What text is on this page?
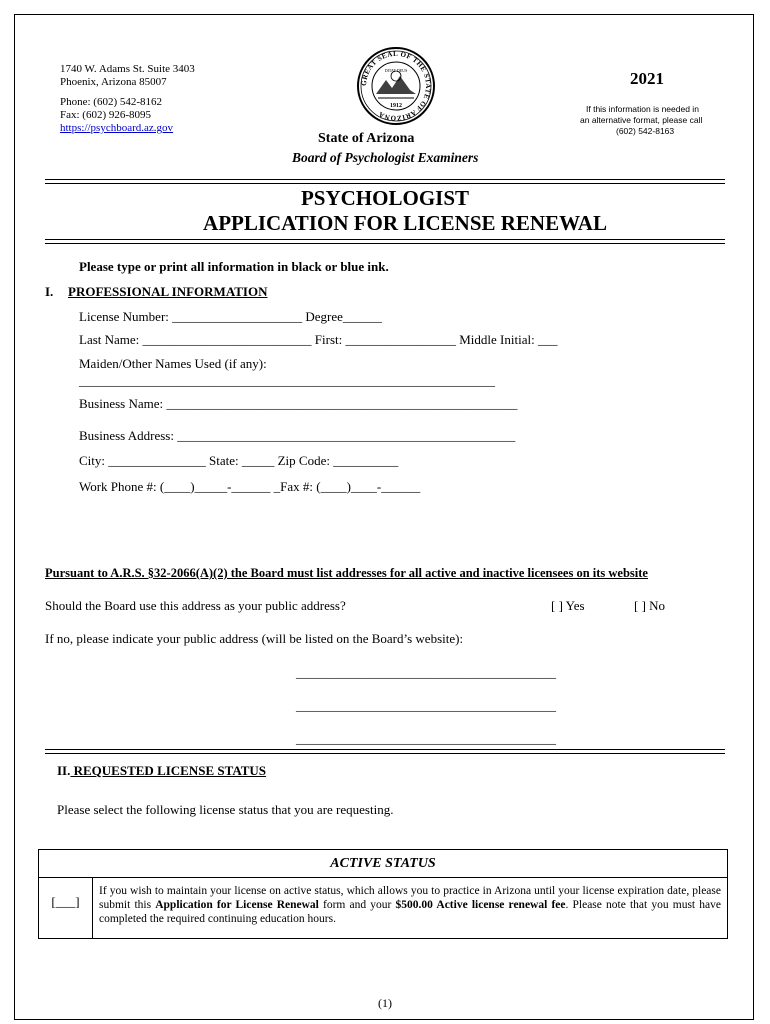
1740 W. Adams St. Suite 3403
Phoenix, Arizona 85007
Phone: (602) 542-8162
Fax: (602) 926-8095
https://psychboard.az.gov
GREAT SEAL OF THE STATE OF ARIZONA
DITAT DEUS
1912
State of Arizona
Board of Psychologist Examiners
2021
If this information is needed in
an alternative format, please call
(602) 542-8163
PSYCHOLOGIST
APPLICATION FOR LICENSE RENEWAL
Please type or print all information in black or blue ink.
I. PROFESSIONAL INFORMATION
License Number: ____________________ Degree______
Last Name: __________________________ First: _________________ Middle Initial: ___
Maiden/Other Names Used (if any):
________________________________________________________________
Business Name: ______________________________________________________
Business Address: ____________________________________________________
City: _______________ State: _____ Zip Code: __________
Work Phone #: (____)_____-______ _Fax #: (____)____-______
Pursuant to A.R.S. §32-2066(A)(2) the Board must list addresses for all active and inactive licensees on its website
Should the Board use this address as your public address?	[ ] Yes	[ ] No
If no, please indicate your public address (will be listed on the Board’s website):
________________________________________
________________________________________
________________________________________
II. REQUESTED LICENSE STATUS
Please select the following license status that you are requesting.
ACTIVE STATUS
[___]
If you wish to maintain your license on active status, which allows you to practice in Arizona until your license expiration date, please submit this Application for License Renewal form and your $500.00 Active license renewal fee. Please note that you must have completed the required continuing education hours.
(1)
